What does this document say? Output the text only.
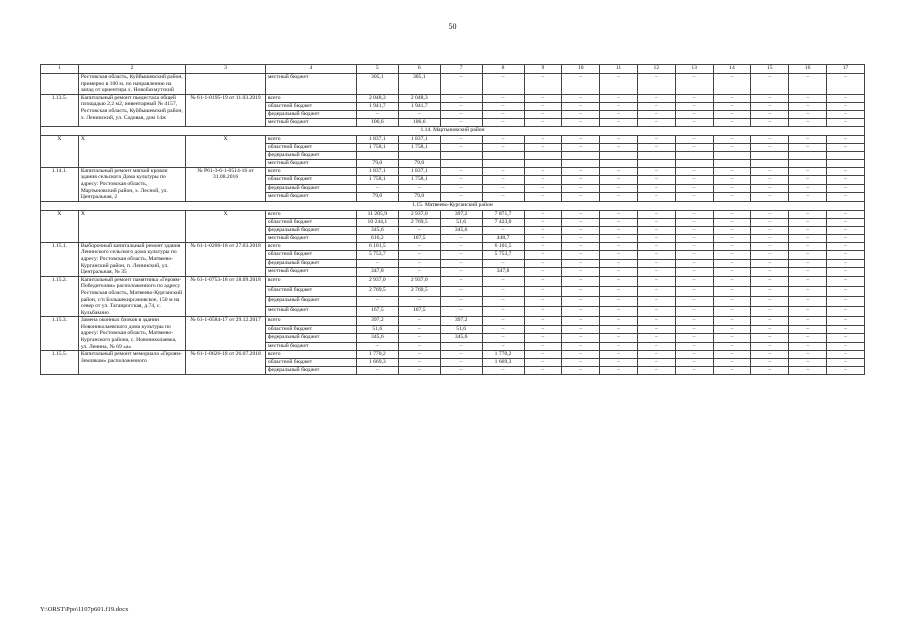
50
1	2	3	4	5	6	7	8	9	10	11	12	13	14	15	16	17
	Ростовская область, Куйбышевский район, примерно в 100 м. по направлению на запад от ориентира х. Новобахмутский		местный бюджет	305,1	305,1	–	–	–	–	–	–	–	–	–	–	–
1.13.5.	Капитальный ремонт пьедестала общей площадью 2,2 м2, инвентарный № 4157, Ростовская область, Куйбышевский район, х. Ленинский, ул. Садовая, дом 14ж	№ 61-1-0195-19 от 11.03.2019	всего	2 048,3	2 048,3	–	–	–	–	–	–	–	–	–	–	–
			областной бюджет	1 941,7	1 941,7	–	–	–	–	–	–	–	–	–	–	–
			федеральный бюджет	–	–	–	–	–	–	–	–	–	–	–	–	–
			местный бюджет	106,6	106,6	–	–	–	–	–	–	–	–	–	–	–
1.14. Мартыновский район																
Х	Х	Х	всего	1 837,1	1 837,1	–	–	–	–	–	–	–	–	–	–	–
			областной бюджет	1 758,1	1 758,1	–	–	–	–	–	–	–	–	–	–	–
			федеральный бюджет													
			местный бюджет	79,0	79,0											
1.14.1.	Капитальный ремонт мягкой кровли здания сельского Дома культуры по адресу: Ростовская область, Мартыновский район, х. Лесной, ул. Центральная, 2	№ Р61-3-6-1-0514-16 от 31.08.2016	всего	1 837,1	1 837,1	–	–	–	–	–	–	–	–	–	–	–
			областной бюджет	1 758,1	1 758,1	–	–	–	–	–	–	–	–	–	–	–
			федеральный бюджет	–	–	–	–	–	–	–	–	–	–	–	–	–
			местный бюджет	79,0	79,0	–	–	–	–	–	–	–	–	–	–	–
1.15. Матвеево-Курганский район																
Х	Х	Х	всего	11 205,9	2 937,0	397,2	7 871,7	–	–	–	–	–	–	–	–	–
			областной бюджет	10 244,1	2 769,5	51,6	7 423,0	–	–	–	–	–	–	–	–	–
			федеральный бюджет	345,6	–	345,6	–	–	–	–	–	–	–	–	–	–
			местный бюджет	616,2	167,5	–	448,7	–	–	–	–	–	–	–	–	–
1.15.1.	Выборочный капитальный ремонт здания Ленинского сельского дома культуры по адресу: Ростовская область, Матвеево-Курганский район, п. Ленинский, ул. Центральная, № 35	№ 61-1-0206-18 от 27.03.2018	всего	6 101,5	–	–	6 101,5	–	–	–	–	–	–	–	–	–
			областной бюджет	5 753,7	–	–	5 753,7	–	–	–	–	–	–	–	–	–
			федеральный бюджет	–	–	–	–	–	–	–	–	–	–	–	–	–
			местный бюджет	347,8	–	–	347,8	–	–	–	–	–	–	–	–	–
1.15.2.	Капитальный ремонт памятника «Героям-Победителям» расположенного по адресу Ростовская область, Матвеево-Курганский район, с/п Большекирсановское, 150 м на север от ул. Таганрогская, д.74, с. Кульбакино	№ 61-1-0753-18 от 18.09.2018	всего	2 937,0	2 937,0	–	–	–	–	–	–	–	–	–	–	–
			областной бюджет	2 769,5	2 769,5	–	–	–	–	–	–	–	–	–	–	–
			федеральный бюджет	–	–	–	–	–	–	–	–	–	–	–	–	–
			местный бюджет	167,5	167,5	–	–	–	–	–	–	–	–	–	–	–
1.15.3.	Замена оконных блоков в здании Новониколаевского дома культуры по адресу: Ростовская область, Матвеево-Курганского района, с. Новониколаевка, ул. Ленина, № 69 «а»	№ 61-1-0584-17 от 29.12.2017	всего	397,2	–	397,2	–	–	–	–	–	–	–	–	–	–
			областной бюджет	51,6	–	51,6	–	–	–	–	–	–	–	–	–	–
			федеральный бюджет	345,6	–	345,6	–	–	–	–	–	–	–	–	–	–
			местный бюджет	–	–	–	–	–	–	–	–	–	–	–	–	–
1.15.5.	Капитальный ремонт мемориала «Героям-Землякам» расположенного	№ 61-1-0626-18 от 26.07.2018	всего	1 770,2	–	–	1 770,2	–	–	–	–	–	–	–	–	–
			областной бюджет	1 669,3	–	–	1 669,3	–	–	–	–	–	–	–	–	–
			федеральный бюджет	–	–	–	–	–	–	–	–	–	–	–	–	–
Y:\ORST\Ppo\1107p601.f19.docx
